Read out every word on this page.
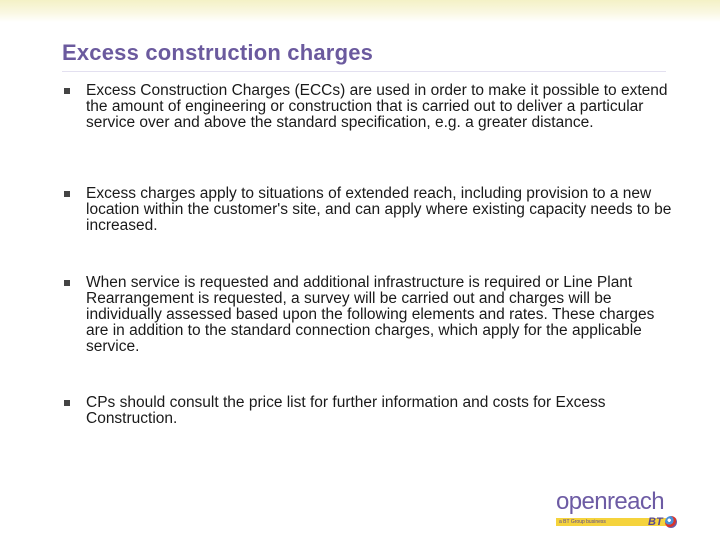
Excess construction charges
Excess Construction Charges (ECCs) are used in order to make it possible to extend the amount of engineering or construction that is carried out to deliver a particular service over and above the standard specification, e.g. a greater distance.
Excess charges apply to situations of extended reach, including provision to a new location within the customer's site, and can apply where existing capacity needs to be increased.
When service is requested and additional infrastructure is required or Line Plant Rearrangement is requested, a survey will be carried out and charges will be individually assessed based upon the following elements and rates. These charges are in addition to the standard connection charges, which apply for the applicable service.
CPs should consult the price list for further information and costs for Excess Construction.
openreach
a BT Group business	BT
